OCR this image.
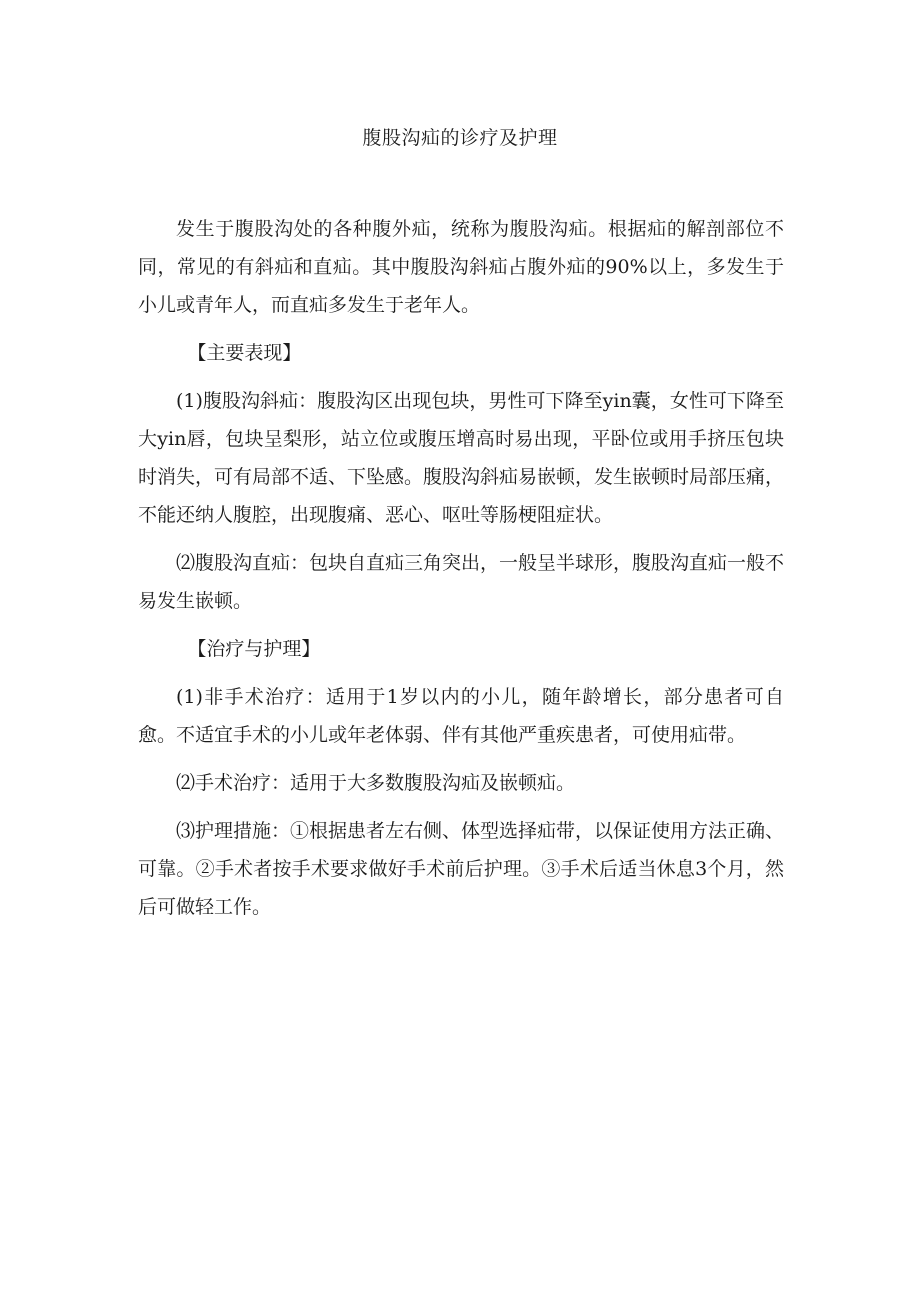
腹股沟疝的诊疗及护理

发生于腹股沟处的各种腹外疝，统称为腹股沟疝。根据疝的解剖部位不同，常见的有斜疝和直疝。其中腹股沟斜疝占腹外疝的90%以上，多发生于小儿或青年人，而直疝多发生于老年人。

【主要表现】

(1)腹股沟斜疝：腹股沟区出现包块，男性可下降至yin囊，女性可下降至大yin唇，包块呈梨形，站立位或腹压增高时易出现，平卧位或用手挤压包块时消失，可有局部不适、下坠感。腹股沟斜疝易嵌顿，发生嵌顿时局部压痛，不能还纳人腹腔，出现腹痛、恶心、呕吐等肠梗阻症状。

⑵腹股沟直疝：包块自直疝三角突出，一般呈半球形，腹股沟直疝一般不易发生嵌顿。

【治疗与护理】

(1)非手术治疗：适用于1岁以内的小儿，随年龄增长，部分患者可自愈。不适宜手术的小儿或年老体弱、伴有其他严重疾患者，可使用疝带。

⑵手术治疗：适用于大多数腹股沟疝及嵌顿疝。

⑶护理措施：①根据患者左右侧、体型选择疝带，以保证使用方法正确、可靠。②手术者按手术要求做好手术前后护理。③手术后适当休息3个月，然后可做轻工作。
